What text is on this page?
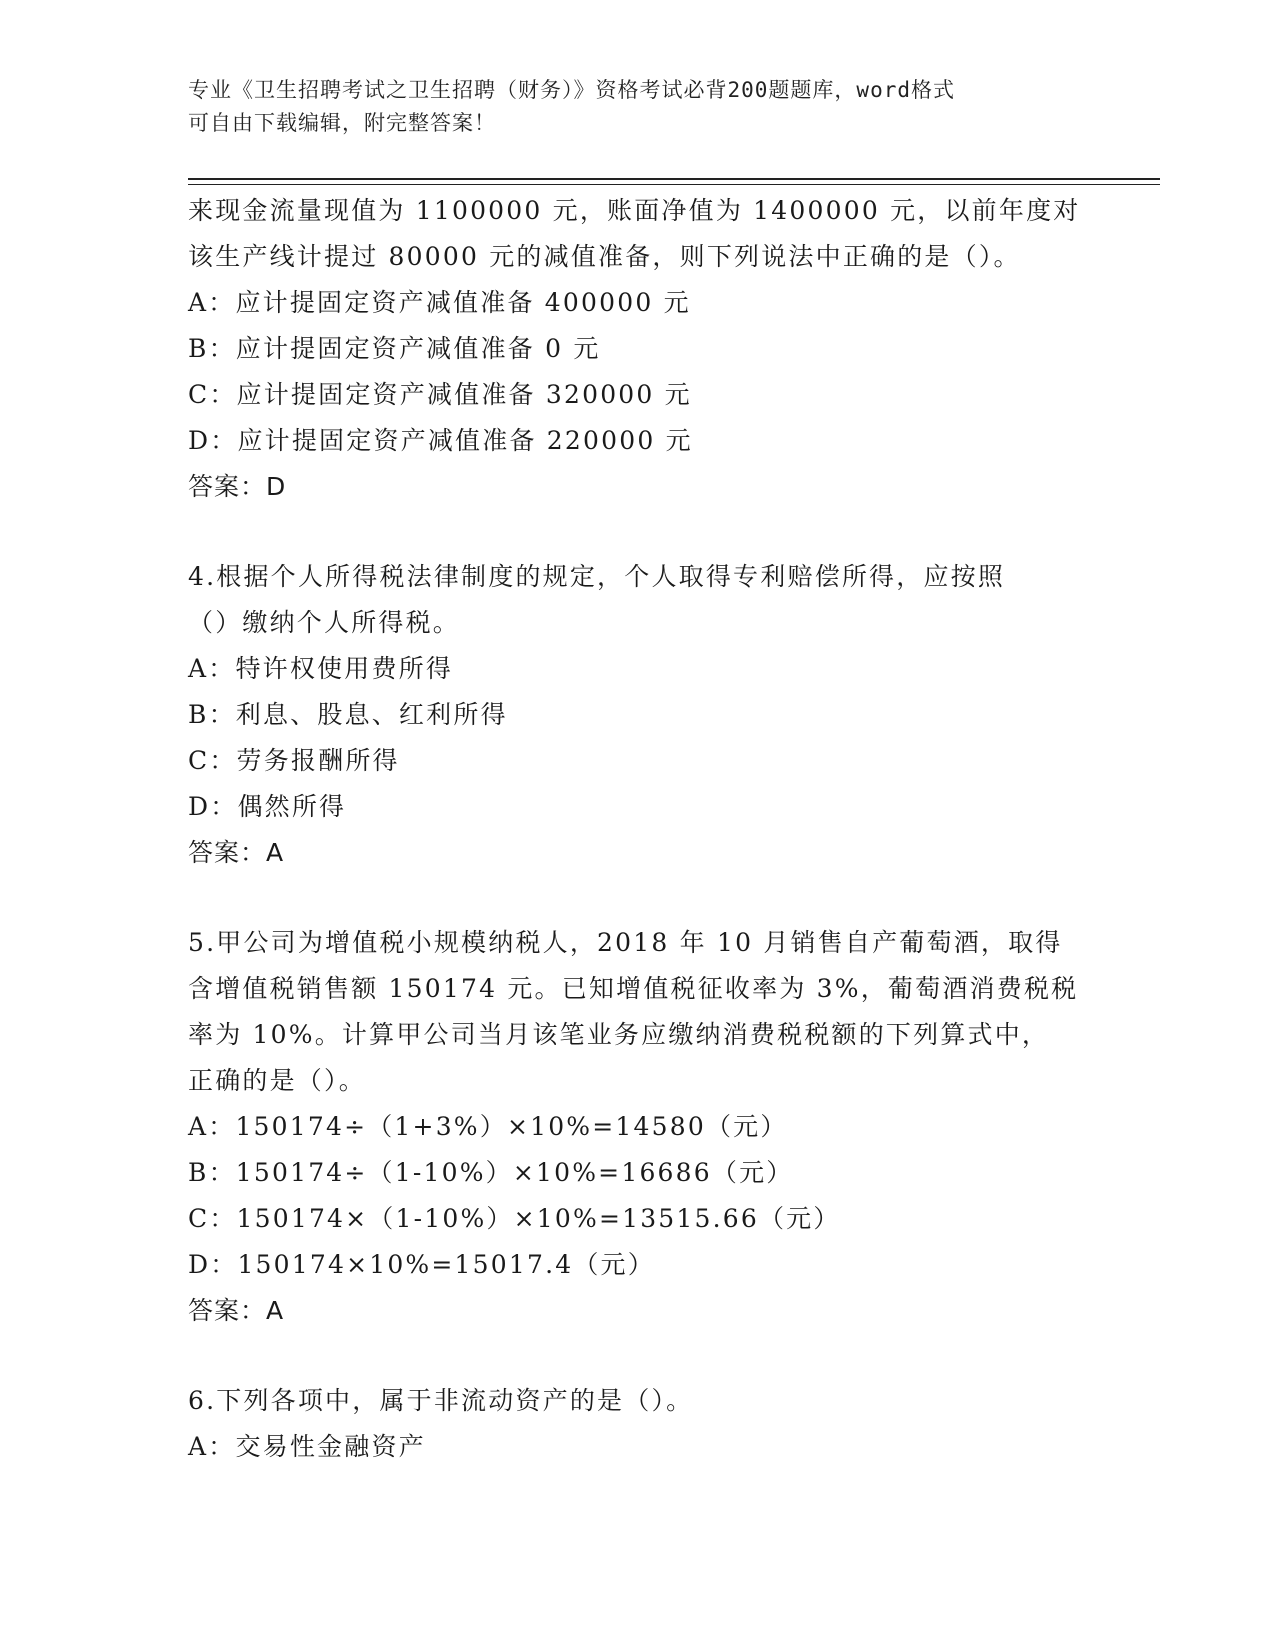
专业《卫生招聘考试之卫生招聘（财务）》资格考试必背200题题库，word格式
可自由下载编辑，附完整答案！
来现金流量现值为 1100000 元，账面净值为 1400000 元，以前年度对
该生产线计提过 80000 元的减值准备，则下列说法中正确的是（）。
A：应计提固定资产减值准备 400000 元
B：应计提固定资产减值准备 0 元
C：应计提固定资产减值准备 320000 元
D：应计提固定资产减值准备 220000 元
答案：D
4.根据个人所得税法律制度的规定，个人取得专利赔偿所得，应按照
（）缴纳个人所得税。
A：特许权使用费所得
B：利息、股息、红利所得
C：劳务报酬所得
D：偶然所得
答案：A
5.甲公司为增值税小规模纳税人，2018 年 10 月销售自产葡萄酒，取得
含增值税销售额 150174 元。已知增值税征收率为 3%，葡萄酒消费税税
率为 10%。计算甲公司当月该笔业务应缴纳消费税税额的下列算式中，
正确的是（）。
A：150174÷（1+3%）×10%=14580（元）
B：150174÷（1-10%）×10%=16686（元）
C：150174×（1-10%）×10%=13515.66（元）
D：150174×10%=15017.4（元）
答案：A
6.下列各项中，属于非流动资产的是（）。
A：交易性金融资产
